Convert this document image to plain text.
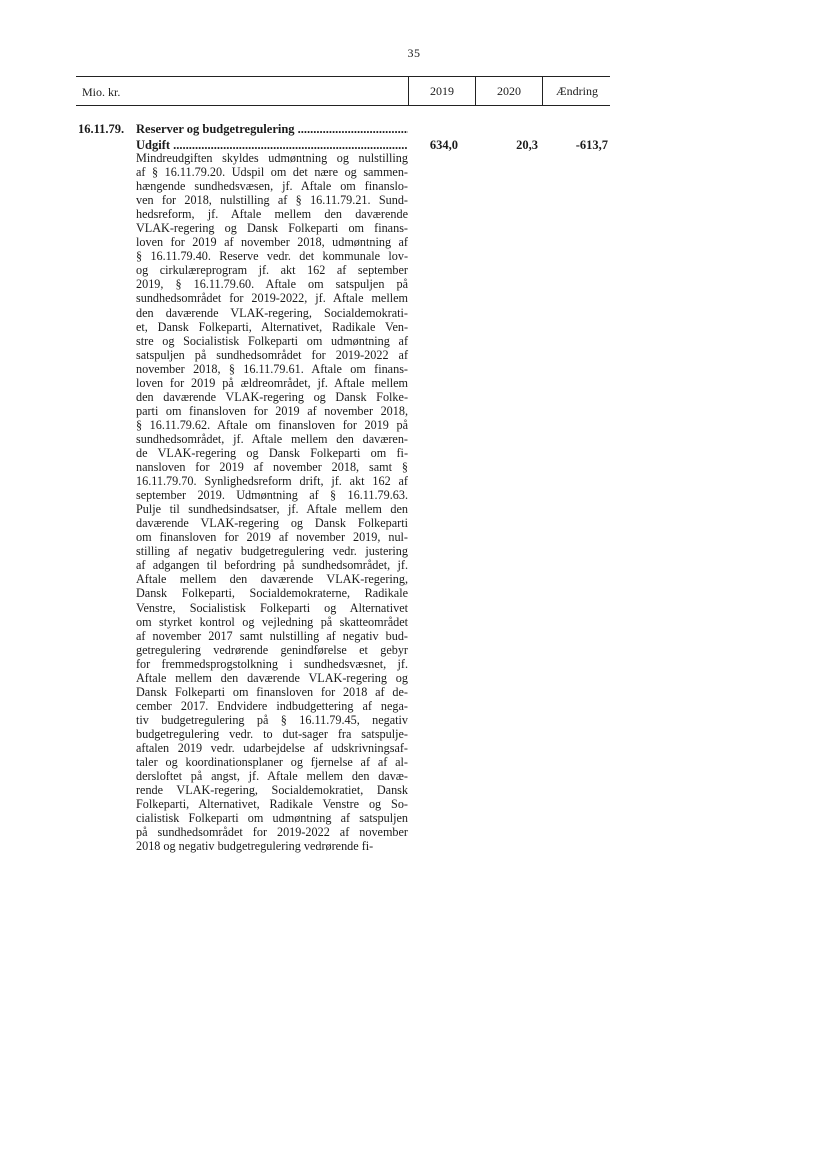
35
Mio. kr.	2019	2020	Ændring
16.11.79. Reserver og budgetregulering .....
Udgift .....	634,0	20,3	-613,7
Mindreudgiften skyldes udmøntning og nulstilling
af § 16.11.79.20. Udspil om det nære og sammen-
hængende sundhedsvæsen, jf. Aftale om finanslo-
ven for 2018, nulstilling af § 16.11.79.21. Sund-
hedsreform, jf. Aftale mellem den daværende
VLAK-regering og Dansk Folkeparti om finans-
loven for 2019 af november 2018, udmøntning af
§ 16.11.79.40. Reserve vedr. det kommunale lov-
og cirkulæreprogram jf. akt 162 af september
2019, § 16.11.79.60. Aftale om satspuljen på
sundhedsområdet for 2019-2022, jf. Aftale mellem
den daværende VLAK-regering, Socialdemokrati-
et, Dansk Folkeparti, Alternativet, Radikale Ven-
stre og Socialistisk Folkeparti om udmøntning af
satspuljen på sundhedsområdet for 2019-2022 af
november 2018, § 16.11.79.61. Aftale om finans-
loven for 2019 på ældreområdet, jf. Aftale mellem
den daværende VLAK-regering og Dansk Folke-
parti om finansloven for 2019 af november 2018,
§ 16.11.79.62. Aftale om finansloven for 2019 på
sundhedsområdet, jf. Aftale mellem den daværen-
de VLAK-regering og Dansk Folkeparti om fi-
nansloven for 2019 af november 2018, samt §
16.11.79.70. Synlighedsreform drift, jf. akt 162 af
september 2019. Udmøntning af § 16.11.79.63.
Pulje til sundhedsindsatser, jf. Aftale mellem den
daværende VLAK-regering og Dansk Folkeparti
om finansloven for 2019 af november 2019, nul-
stilling af negativ budgetregulering vedr. justering
af adgangen til befordring på sundhedsområdet, jf.
Aftale mellem den daværende VLAK-regering,
Dansk Folkeparti, Socialdemokraterne, Radikale
Venstre, Socialistisk Folkeparti og Alternativet
om styrket kontrol og vejledning på skatteområdet
af november 2017 samt nulstilling af negativ bud-
getregulering vedrørende genindførelse et gebyr
for fremmedsprogstolkning i sundhedsvæsnet, jf.
Aftale mellem den daværende VLAK-regering og
Dansk Folkeparti om finansloven for 2018 af de-
cember 2017. Endvidere indbudgettering af nega-
tiv budgetregulering på § 16.11.79.45, negativ
budgetregulering vedr. to dut-sager fra satspulje-
aftalen 2019 vedr. udarbejdelse af udskrivningsaf-
taler og koordinationsplaner og fjernelse af af al-
dersloftet på angst, jf. Aftale mellem den davæ-
rende VLAK-regering, Socialdemokratiet, Dansk
Folkeparti, Alternativet, Radikale Venstre og So-
cialistisk Folkeparti om udmøntning af satspuljen
på sundhedsområdet for 2019-2022 af november
2018 og negativ budgetregulering vedrørende fi-
